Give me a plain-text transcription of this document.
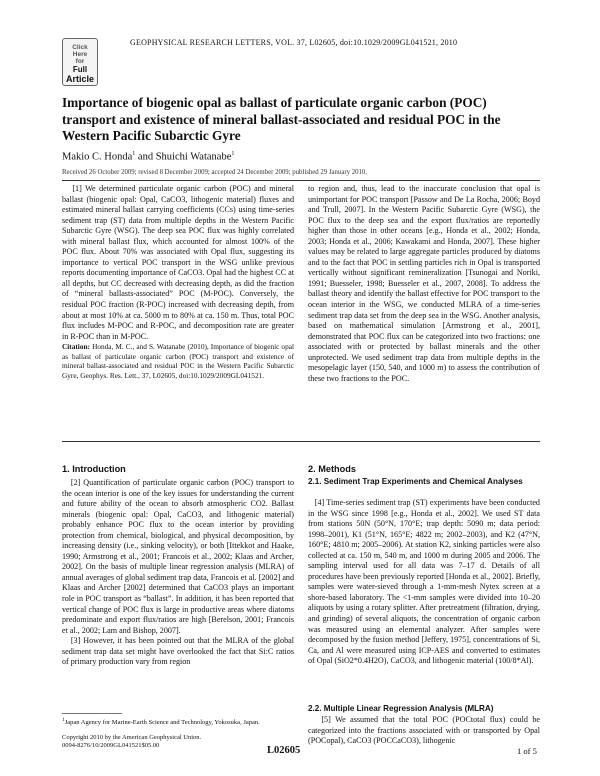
Click
Here
for
Full
Article
GEOPHYSICAL RESEARCH LETTERS, VOL. 37, L02605, doi:10.1029/2009GL041521, 2010
Importance of biogenic opal as ballast of particulate organic carbon (POC) transport and existence of mineral ballast-associated and residual POC in the Western Pacific Subarctic Gyre
Makio C. Honda$^1$ and Shuichi Watanabe$^1$
Received 26 October 2009; revised 8 December 2009; accepted 24 December 2009; published 29 January 2010.

[1] We determined particulate organic carbon (POC) and mineral ballast (biogenic opal: Opal, CaCO3, lithogenic material) fluxes and estimated mineral ballast carrying coefficients (CCs) using time-series sediment trap (ST) data from multiple depths in the Western Pacific Subarctic Gyre (WSG). The deep sea POC flux was highly correlated with mineral ballast flux, which accounted for almost 100% of the POC flux. About 70% was associated with Opal flux, suggesting its importance to vertical POC transport in the WSG unlike previous reports documenting importance of CaCO3. Opal had the highest CC at all depths, but CC decreased with decreasing depth, as did the fraction of “mineral ballasts-associated” POC (M-POC). Conversely, the residual POC fraction (R-POC) increased with decreasing depth, from about at most 10% at ca. 5000 m to 80% at ca. 150 m. Thus, total POC flux includes M-POC and R-POC, and decomposition rate are greater in R-POC than in M-POC.

Citation: Honda, M. C., and S. Watanabe (2010), Importance of biogenic opal as ballast of particulate organic carbon (POC) transport and existence of mineral ballast-associated and residual POC in the Western Pacific Subarctic Gyre, Geophys. Res. Lett., 37, L02605, doi:10.1029/2009GL041521.

to region and, thus, lead to the inaccurate conclusion that opal is unimportant for POC transport [Passow and De La Rocha, 2006; Boyd and Trull, 2007]. In the Western Pacific Subarctic Gyre (WSG), the POC flux to the deep sea and the export flux/ratios are reportedly higher than those in other oceans [e.g., Honda et al., 2002; Honda, 2003; Honda et al., 2006; Kawakami and Honda, 2007]. These higher values may be related to large aggregate particles produced by diatoms and to the fact that POC in settling particles rich in Opal is transported vertically without significant remineralization [Tsunogai and Noriki, 1991; Buesseler, 1998; Buesseler et al., 2007, 2008]. To address the ballast theory and identify the ballast effective for POC transport to the ocean interior in the WSG, we conducted MLRA of a time-series sediment trap data set from the deep sea in the WSG. Another analysis, based on mathematical simulation [Armstrong et al., 2001], demonstrated that POC flux can be categorized into two fractions: one associated with or protected by ballast minerals and the other unprotected. We used sediment trap data from multiple depths in the mesopelagic layer (150, 540, and 1000 m) to assess the contribution of these two fractions to the POC.

1. Introduction

[2] Quantification of particulate organic carbon (POC) transport to the ocean interior is one of the key issues for understanding the current and future ability of the ocean to absorb atmospheric CO2. Ballast minerals (biogenic opal: Opal, CaCO3, and lithogenic material) probably enhance POC flux to the ocean interior by providing protection from chemical, biological, and physical decomposition, by increasing density (i.e., sinking velocity), or both [Ittekkot and Haake, 1990; Armstrong et al., 2001; Francois et al., 2002; Klaas and Archer, 2002]. On the basis of multiple linear regression analysis (MLRA) of annual averages of global sediment trap data, Francois et al. [2002] and Klaas and Archer [2002] determined that CaCO3 plays an important role in POC transport as “ballast”. In addition, it has been reported that vertical change of POC flux is large in productive areas where diatoms predominate and export flux/ratios are high [Berelson, 2001; Francois et al., 2002; Lam and Bishop, 2007].

[3] However, it has been pointed out that the MLRA of the global sediment trap data set might have overlooked the fact that Si:C ratios of primary production vary from region

$^1$Japan Agency for Marine-Earth Science and Technology, Yokosuka, Japan.
Copyright 2010 by the American Geophysical Union.
0094-8276/10/2009GL041521$05.00
2. Methods
2.1. Sediment Trap Experiments and Chemical Analyses

[4] Time-series sediment trap (ST) experiments have been conducted in the WSG since 1998 [e.g., Honda et al., 2002]. We used ST data from stations 50N (50°N, 170°E; trap depth: 5090 m; data period: 1998–2001), K1 (51°N, 165°E; 4822 m; 2002–2003), and K2 (47°N, 160°E; 4810 m; 2005–2006). At station K2, sinking particles were also collected at ca. 150 m, 540 m, and 1000 m during 2005 and 2006. The sampling interval used for all data was 7–17 d. Details of all procedures have been previously reported [Honda et al., 2002]. Briefly, samples were water-sieved through a 1-mm-mesh Nytex screen at a shore-based laboratory. The <1-mm samples were divided into 10–20 aliquots by using a rotary splitter. After pretreatment (filtration, drying, and grinding) of several aliquots, the concentration of organic carbon was measured using an elemental analyzer. After samples were decomposed by the fusion method [Jeffery, 1975], concentrations of Si, Ca, and Al were measured using ICP-AES and converted to estimates of Opal (SiO2*0.4H2O), CaCO3, and lithogenic material (100/8*Al).

2.2. Multiple Linear Regression Analysis (MLRA)

[5] We assumed that the total POC (POCtotal flux) could be categorized into the fractions associated with or transported by Opal (POCopal), CaCO3 (POCCaCO3), lithogenic

L02605	1 of 5
